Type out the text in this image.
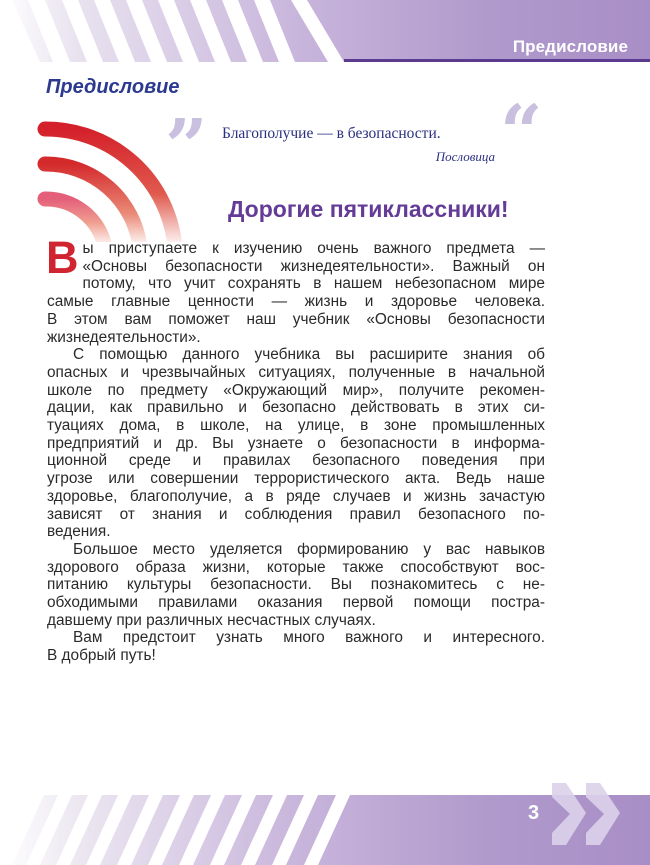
Предисловие
Предисловие
” Благополучие — в безопасности. “
Пословица
Дорогие пятиклассники!
В ы приступаете к изучению очень важного предмета —
«Основы безопасности жизнедеятельности». Важный он
потому, что учит сохранять в нашем небезопасном мире
самые главные ценности — жизнь и здоровье человека.
В этом вам поможет наш учебник «Основы безопасности
жизнедеятельности».
С помощью данного учебника вы расширите знания об
опасных и чрезвычайных ситуациях, полученные в начальной
школе по предмету «Окружающий мир», получите рекомен-
дации, как правильно и безопасно действовать в этих си-
туациях дома, в школе, на улице, в зоне промышленных
предприятий и др. Вы узнаете о безопасности в информа-
ционной среде и правилах безопасного поведения при
угрозе или совершении террористического акта. Ведь наше
здоровье, благополучие, а в ряде случаев и жизнь зачастую
зависят от знания и соблюдения правил безопасного по-
ведения.
Большое место уделяется формированию у вас навыков
здорового образа жизни, которые также способствуют вос-
питанию культуры безопасности. Вы познакомитесь с не-
обходимыми правилами оказания первой помощи постра-
давшему при различных несчастных случаях.
Вам предстоит узнать много важного и интересного.
В добрый путь!
3
